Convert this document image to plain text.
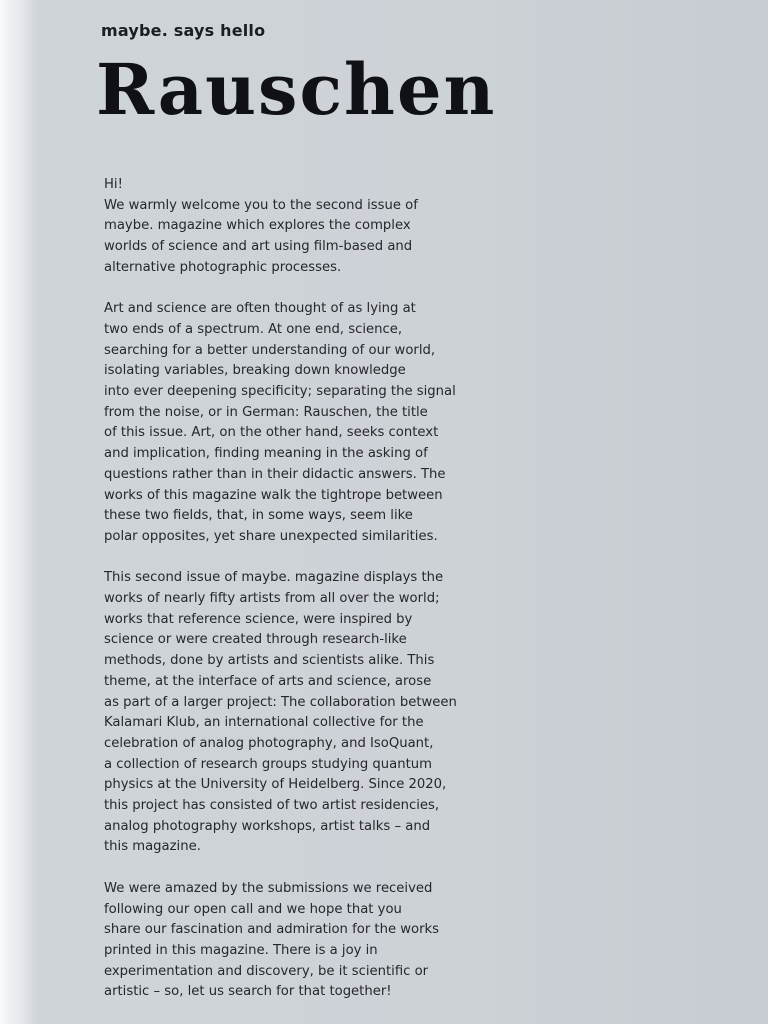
maybe. says hello
Rauschen
Hi!
We warmly welcome you to the second issue of
maybe. magazine which explores the complex
worlds of science and art using film-based and
alternative photographic processes.
Art and science are often thought of as lying at
two ends of a spectrum. At one end, science,
searching for a better understanding of our world,
isolating variables, breaking down knowledge
into ever deepening specificity; separating the signal
from the noise, or in German: Rauschen, the title
of this issue. Art, on the other hand, seeks context
and implication, finding meaning in the asking of
questions rather than in their didactic answers. The
works of this magazine walk the tightrope between
these two fields, that, in some ways, seem like
polar opposites, yet share unexpected similarities.
This second issue of maybe. magazine displays the
works of nearly fifty artists from all over the world;
works that reference science, were inspired by
science or were created through research-like
methods, done by artists and scientists alike. This
theme, at the interface of arts and science, arose
as part of a larger project: The collaboration between
Kalamari Klub, an international collective for the
celebration of analog photography, and IsoQuant,
a collection of research groups studying quantum
physics at the University of Heidelberg. Since 2020,
this project has consisted of two artist residencies,
analog photography workshops, artist talks – and
this magazine.
We were amazed by the submissions we received
following our open call and we hope that you
share our fascination and admiration for the works
printed in this magazine. There is a joy in
experimentation and discovery, be it scientific or
artistic – so, let us search for that together!
